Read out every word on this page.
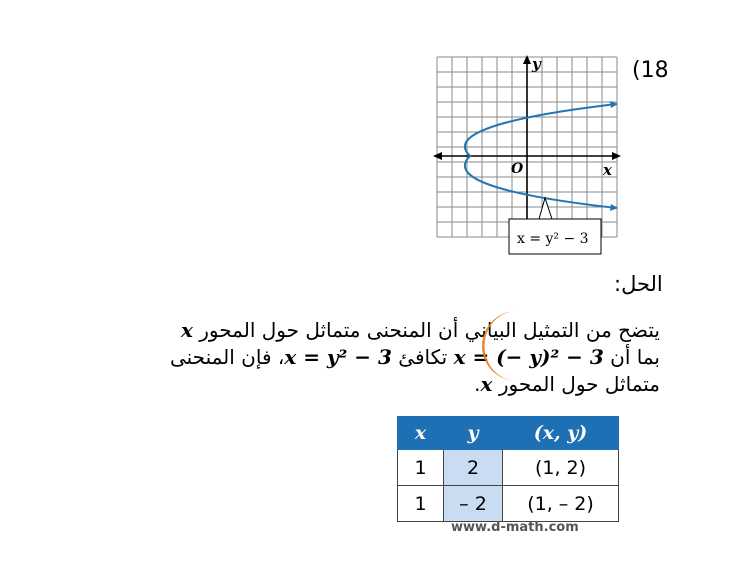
(18
x
y
O
x = y² − 3
الحل:
يتضح من التمثيل البياني أن المنحنى متماثل حول المحور x
بما أن x = (− y)² − 3 تكافئ x = y² − 3، فإن المنحنى
متماثل حول المحور x.
x	y	(x, y)
1	2	(1, 2)
1	– 2	(1, – 2)
www.d-math.com
